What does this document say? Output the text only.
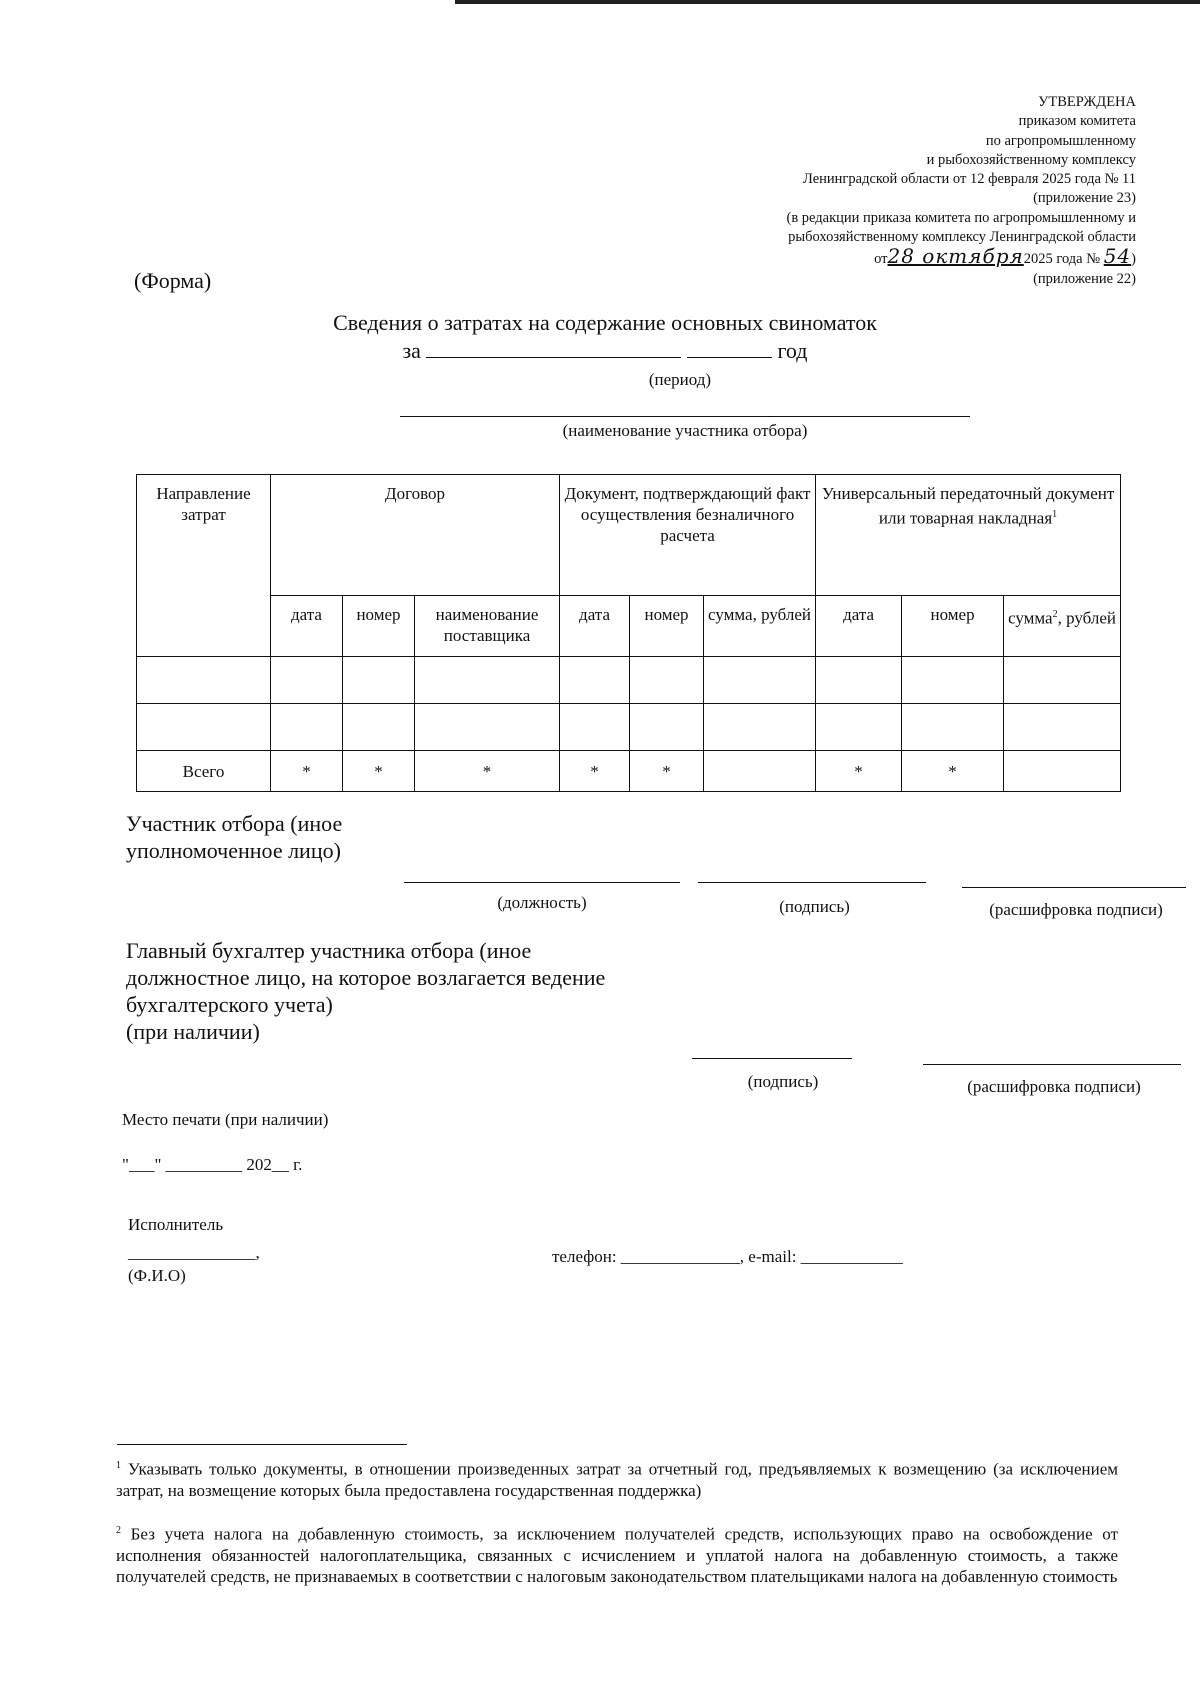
УТВЕРЖДЕНА
приказом комитета
по агропромышленному
и рыбохозяйственному комплексу
Ленинградской области от 12 февраля 2025 года № 11
(приложение 23)
(в редакции приказа комитета по агропромышленному и
рыбохозяйственному комплексу Ленинградской области
от28 октября2025 года № 54)
(приложение 22)
(Форма)
Сведения о затратах на содержание основных свиноматок
за	год
(период)
(наименование участника отбора)
Направление затрат	Договор			Документ, подтверждающий факт осуществления безналичного расчета			Универсальный передаточный документ или товарная накладная$^1$
	дата	номер	наименование поставщика	дата	номер	сумма, рублей	дата	номер	сумма$^2$, рублей

Всего	*	*	*	*	*		*	*	
Участник отбора (иное
уполномоченное лицо)
(должность)	(подпись)	(расшифровка подписи)
Главный бухгалтер участника отбора (иное
должностное лицо, на которое возлагается ведение
бухгалтерского учета)
(при наличии)
(подпись)	(расшифровка подписи)
Место печати (при наличии)
"___" _________ 202__ г.
Исполнитель
_______________,
(Ф.И.О)
телефон: ______________, e-mail: ____________
$^1$ Указывать только документы, в отношении произведенных затрат за отчетный год, предъявляемых к возмещению (за исключением затрат, на возмещение которых была предоставлена государственная поддержка)
$^2$ Без учета налога на добавленную стоимость, за исключением получателей средств, использующих право на освобождение от исполнения обязанностей налогоплательщика, связанных с исчислением и уплатой налога на добавленную стоимость, а также получателей средств, не признаваемых в соответствии с налоговым законодательством плательщиками налога на добавленную стоимость
